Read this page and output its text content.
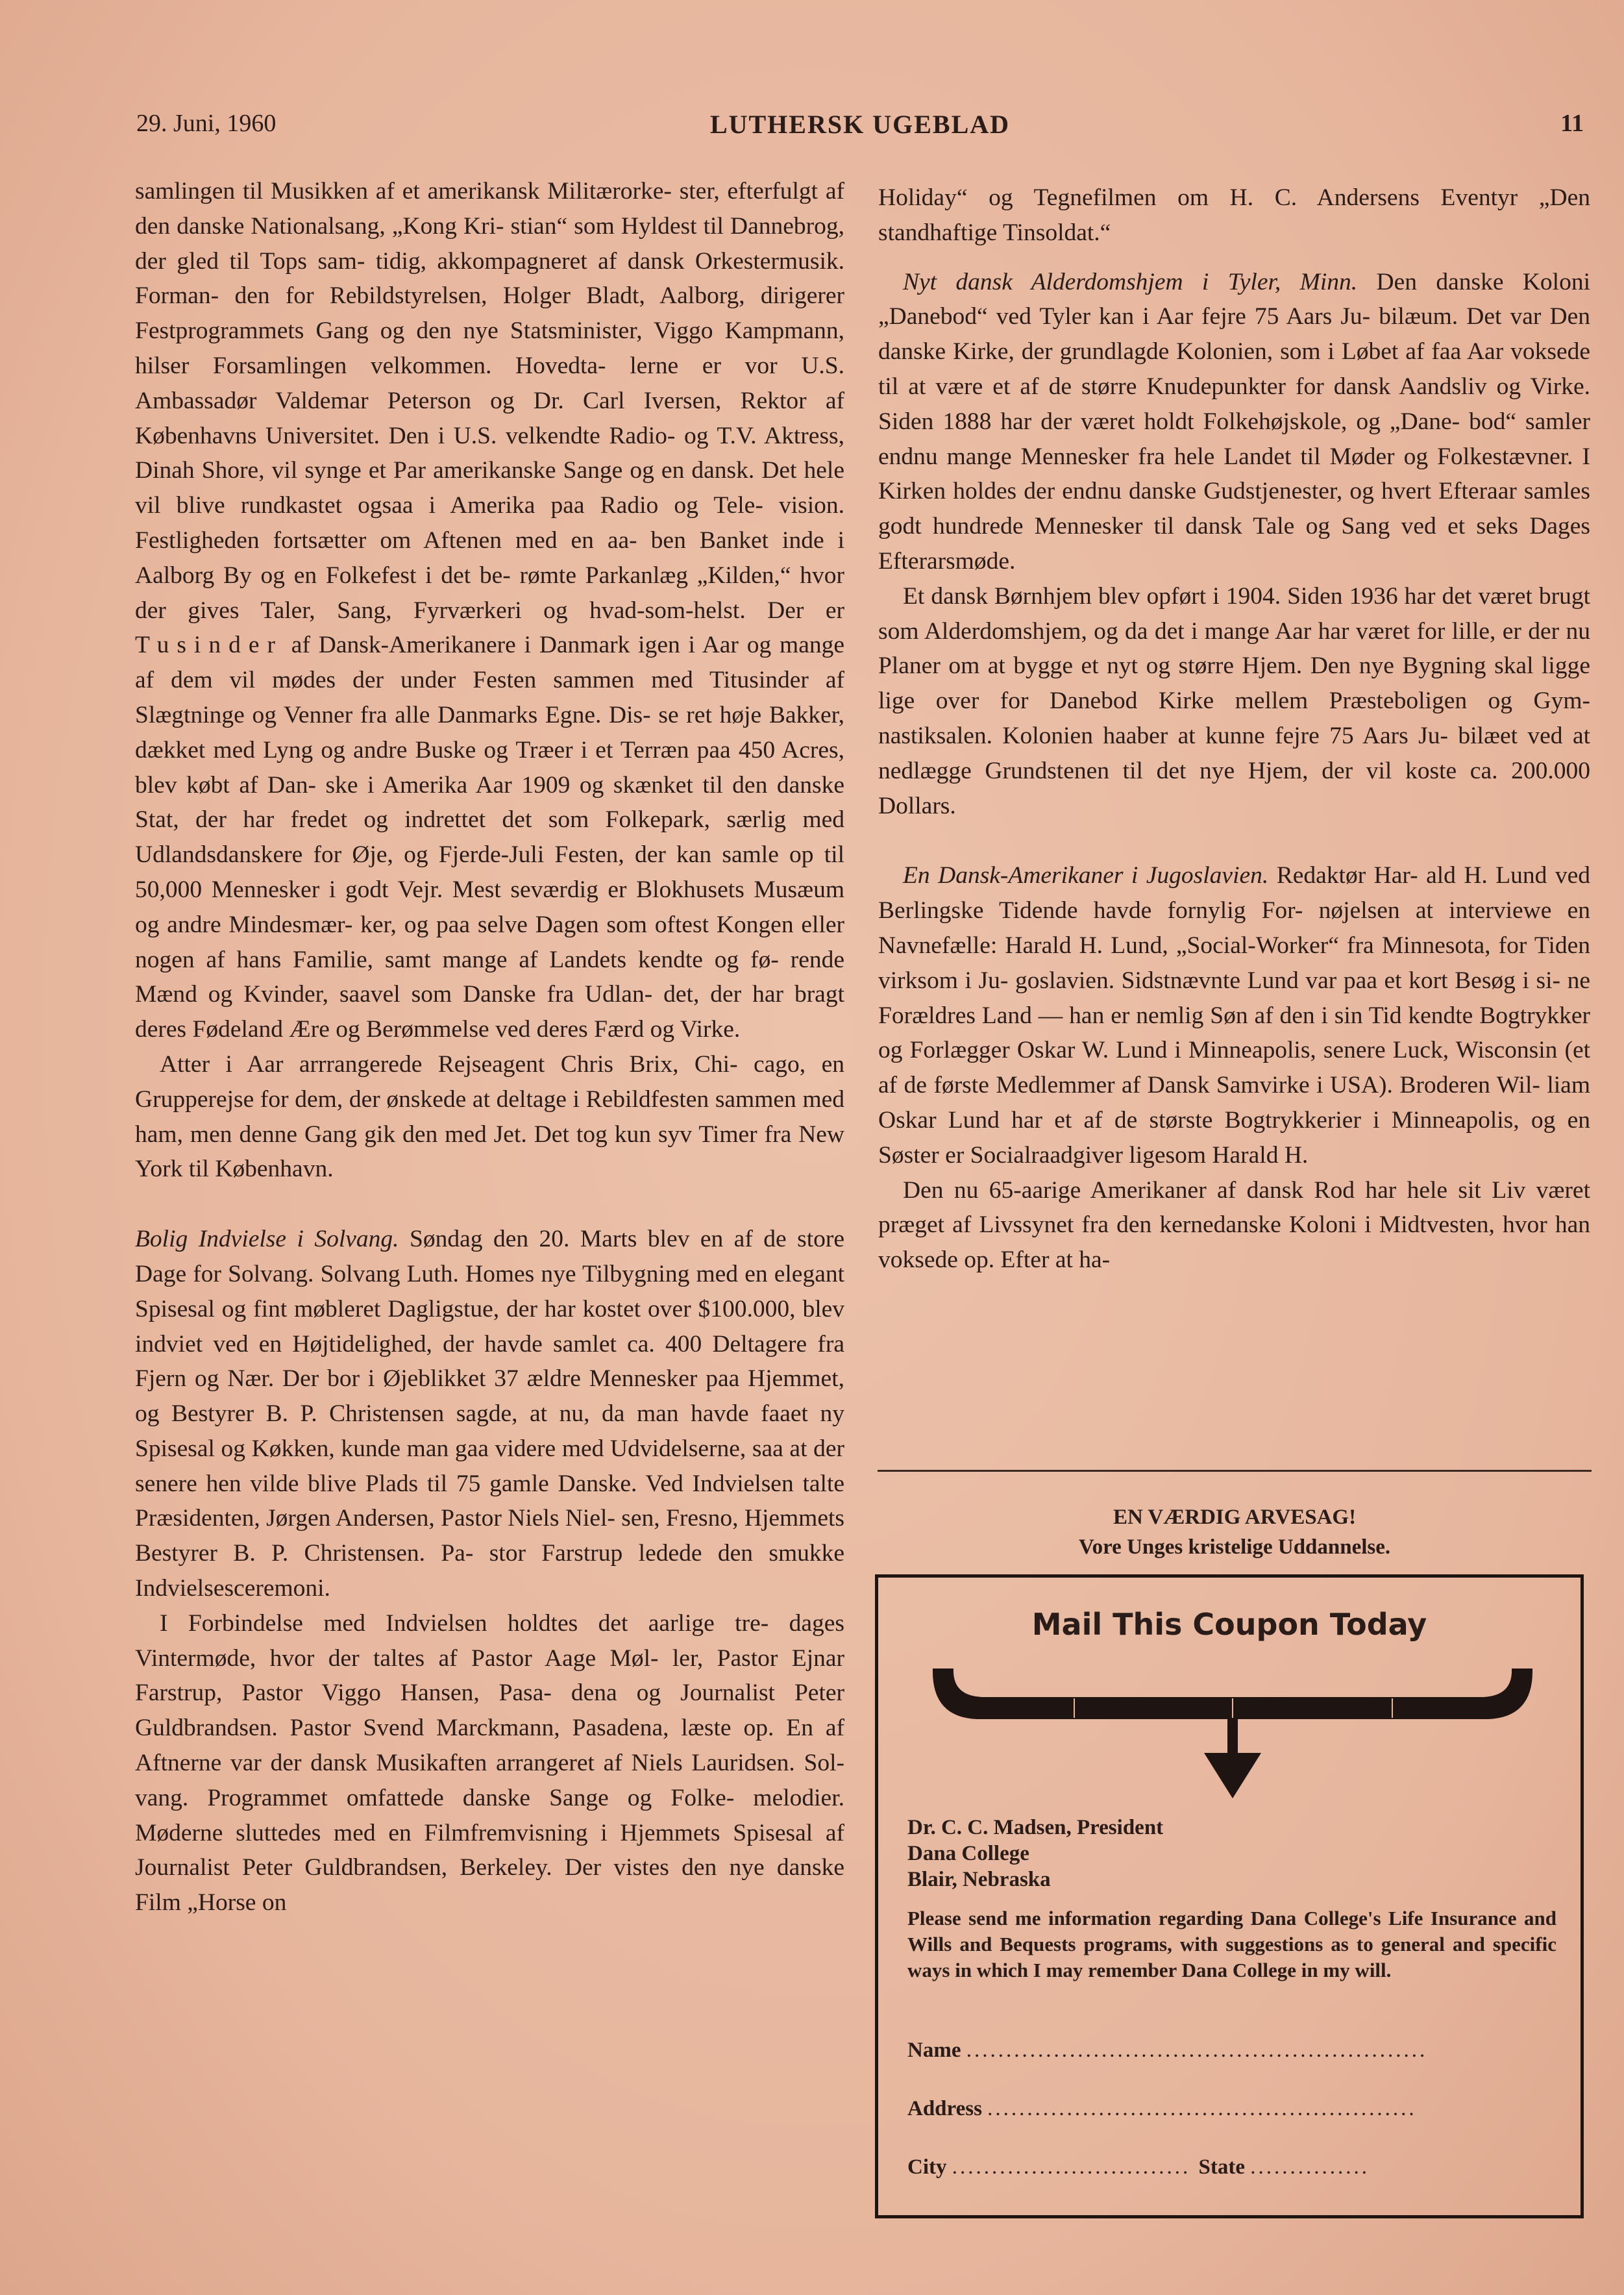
29. Juni, 1960	LUTHERSK UGEBLAD	11

samlingen til Musikken af et amerikansk Militærorke- ster, efterfulgt af den danske Nationalsang, „Kong Kri- stian“ som Hyldest til Dannebrog, der gled til Tops sam- tidig, akkompagneret af dansk Orkestermusik. Forman- den for Rebildstyrelsen, Holger Bladt, Aalborg, dirigerer Festprogrammets Gang og den nye Statsminister, Viggo Kampmann, hilser Forsamlingen velkommen. Hovedta- lerne er vor U.S. Ambassadør Valdemar Peterson og Dr. Carl Iversen, Rektor af Københavns Universitet. Den i U.S. velkendte Radio- og T.V. Aktress, Dinah Shore, vil synge et Par amerikanske Sange og en dansk. Det hele vil blive rundkastet ogsaa i Amerika paa Radio og Tele- vision. Festligheden fortsætter om Aftenen med en aa- ben Banket inde i Aalborg By og en Folkefest i det be- rømte Parkanlæg „Kilden,“ hvor der gives Taler, Sang, Fyrværkeri og hvad-som-helst. Der er Tusinder af Dansk-Amerikanere i Danmark igen i Aar og mange af dem vil mødes der under Festen sammen med Titusinder af Slægtninge og Venner fra alle Danmarks Egne. Dis- se ret høje Bakker, dækket med Lyng og andre Buske og Træer i et Terræn paa 450 Acres, blev købt af Dan- ske i Amerika Aar 1909 og skænket til den danske Stat, der har fredet og indrettet det som Folkepark, særlig med Udlandsdanskere for Øje, og Fjerde-Juli Festen, der kan samle op til 50,000 Mennesker i godt Vejr. Mest seværdig er Blokhusets Musæum og andre Mindesmær- ker, og paa selve Dagen som oftest Kongen eller nogen af hans Familie, samt mange af Landets kendte og fø- rende Mænd og Kvinder, saavel som Danske fra Udlan- det, der har bragt deres Fødeland Ære og Berømmelse ved deres Færd og Virke.

Atter i Aar arrrangerede Rejseagent Chris Brix, Chi- cago, en Grupperejse for dem, der ønskede at deltage i Rebildfesten sammen med ham, men denne Gang gik den med Jet. Det tog kun syv Timer fra New York til København.

Bolig Indvielse i Solvang. Søndag den 20. Marts blev en af de store Dage for Solvang. Solvang Luth. Homes nye Tilbygning med en elegant Spisesal og fint møbleret Dagligstue, der har kostet over $100.000, blev indviet ved en Højtidelighed, der havde samlet ca. 400 Deltagere fra Fjern og Nær. Der bor i Øjeblikket 37 ældre Mennesker paa Hjemmet, og Bestyrer B. P. Christensen sagde, at nu, da man havde faaet ny Spisesal og Køkken, kunde man gaa videre med Udvidelserne, saa at der senere hen vilde blive Plads til 75 gamle Danske. Ved Indvielsen talte Præsidenten, Jørgen Andersen, Pastor Niels Niel- sen, Fresno, Hjemmets Bestyrer B. P. Christensen. Pa- stor Farstrup ledede den smukke Indvielsesceremoni.

I Forbindelse med Indvielsen holdtes det aarlige tre- dages Vintermøde, hvor der taltes af Pastor Aage Møl- ler, Pastor Ejnar Farstrup, Pastor Viggo Hansen, Pasa- dena og Journalist Peter Guldbrandsen. Pastor Svend Marckmann, Pasadena, læste op. En af Aftnerne var der dansk Musikaften arrangeret af Niels Lauridsen. Sol- vang. Programmet omfattede danske Sange og Folke- melodier. Møderne sluttedes med en Filmfremvisning i Hjemmets Spisesal af Journalist Peter Guldbrandsen, Berkeley. Der vistes den nye danske Film „Horse on

Holiday“ og Tegnefilmen om H. C. Andersens Eventyr „Den standhaftige Tinsoldat.“

Nyt dansk Alderdomshjem i Tyler, Minn. Den danske Koloni „Danebod“ ved Tyler kan i Aar fejre 75 Aars Ju- bilæum. Det var Den danske Kirke, der grundlagde Kolonien, som i Løbet af faa Aar voksede til at være et af de større Knudepunkter for dansk Aandsliv og Virke. Siden 1888 har der været holdt Folkehøjskole, og „Dane- bod“ samler endnu mange Mennesker fra hele Landet til Møder og Folkestævner. I Kirken holdes der endnu danske Gudstjenester, og hvert Efteraar samles godt hundrede Mennesker til dansk Tale og Sang ved et seks Dages Efterarsmøde.

Et dansk Børnhjem blev opført i 1904. Siden 1936 har det været brugt som Alderdomshjem, og da det i mange Aar har været for lille, er der nu Planer om at bygge et nyt og større Hjem. Den nye Bygning skal ligge lige over for Danebod Kirke mellem Præsteboligen og Gym- nastiksalen. Kolonien haaber at kunne fejre 75 Aars Ju- bilæet ved at nedlægge Grundstenen til det nye Hjem, der vil koste ca. 200.000 Dollars.

En Dansk-Amerikaner i Jugoslavien. Redaktør Har- ald H. Lund ved Berlingske Tidende havde fornylig For- nøjelsen at interviewe en Navnefælle: Harald H. Lund, „Social-Worker“ fra Minnesota, for Tiden virksom i Ju- goslavien. Sidstnævnte Lund var paa et kort Besøg i si- ne Forældres Land — han er nemlig Søn af den i sin Tid kendte Bogtrykker og Forlægger Oskar W. Lund i Minneapolis, senere Luck, Wisconsin (et af de første Medlemmer af Dansk Samvirke i USA). Broderen Wil- liam Oskar Lund har et af de største Bogtrykkerier i Minneapolis, og en Søster er Socialraadgiver ligesom Harald H.

Den nu 65-aarige Amerikaner af dansk Rod har hele sit Liv været præget af Livssynet fra den kernedanske Koloni i Midtvesten, hvor han voksede op. Efter at ha-

EN VÆRDIG ARVESAG!
Vore Unges kristelige Uddannelse.
Mail This Coupon Today
Dr. C. C. Madsen, President
Dana College
Blair, Nebraska
Please send me information regarding Dana College's Life Insurance and Wills and Bequests programs, with suggestions as to general and specific ways in which I may remember Dana College in my will.
Name ..........................................................
Address ......................................................
City .............................. State ...............
